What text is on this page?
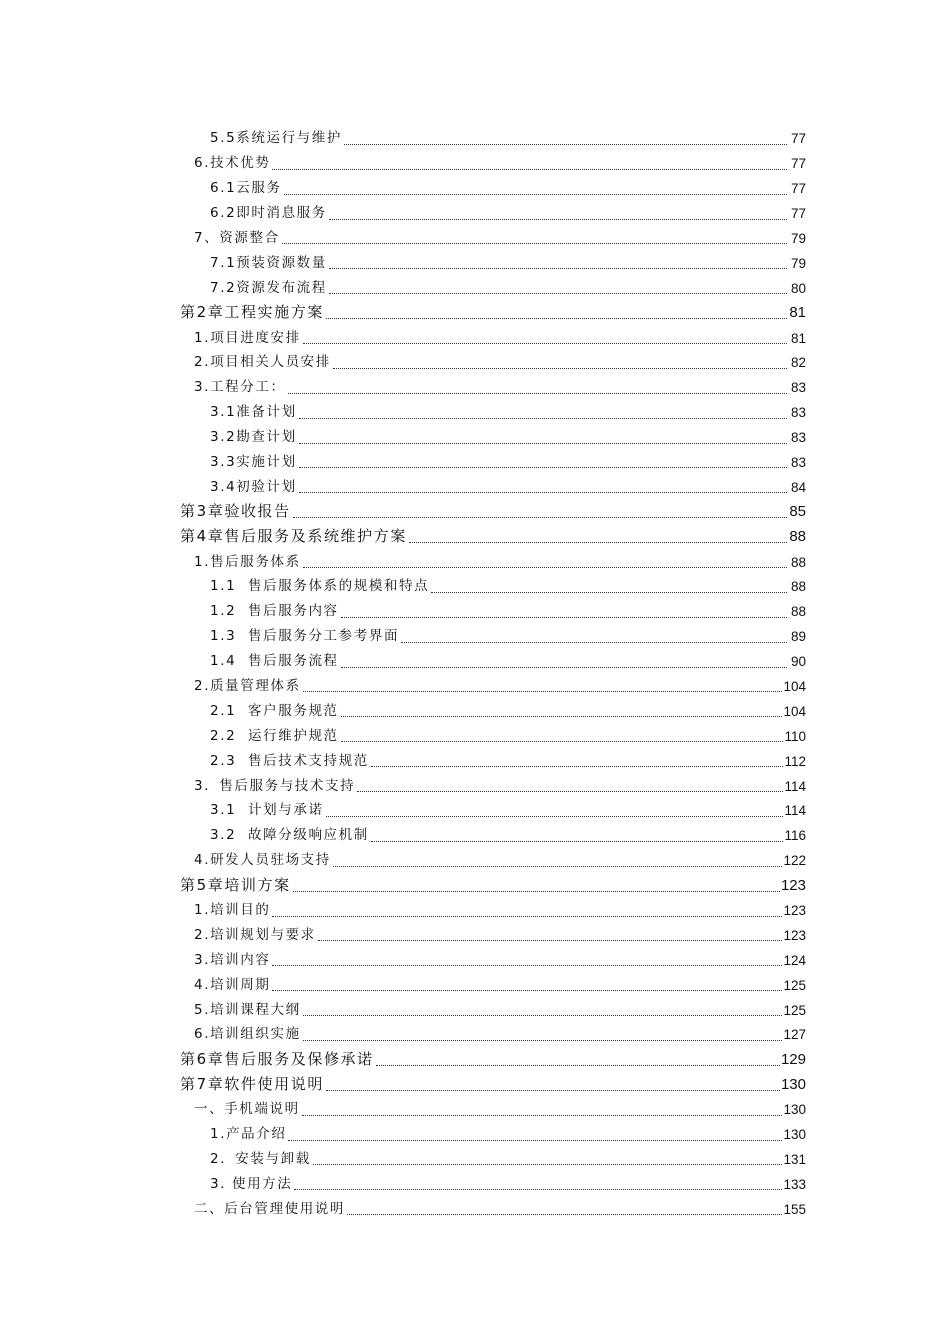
5.5系统运行与维护	77
6.技术优势	77
6.1云服务	77
6.2即时消息服务	77
7、资源整合	79
7.1预装资源数量	79
7.2资源发布流程	80
第2章工程实施方案	81
1.项目进度安排	81
2.项目相关人员安排	82
3.工程分工：	83
3.1准备计划	83
3.2勘查计划	83
3.3实施计划	83
3.4初验计划	84
第3章验收报告	85
第4章售后服务及系统维护方案	88
1.售后服务体系	88
1.1  售后服务体系的规模和特点	88
1.2  售后服务内容	88
1.3  售后服务分工参考界面	89
1.4  售后服务流程	90
2.质量管理体系	104
2.1  客户服务规范	104
2.2  运行维护规范	110
2.3  售后技术支持规范	112
3．售后服务与技术支持	114
3.1  计划与承诺	114
3.2  故障分级响应机制	116
4.研发人员驻场支持	122
第5章培训方案	123
1.培训目的	123
2.培训规划与要求	123
3.培训内容	124
4.培训周期	125
5.培训课程大纲	125
6.培训组织实施	127
第6章售后服务及保修承诺	129
第7章软件使用说明	130
一、手机端说明	130
1.产品介绍	130
2．安装与卸载	131
3. 使用方法	133
二、后台管理使用说明	155
